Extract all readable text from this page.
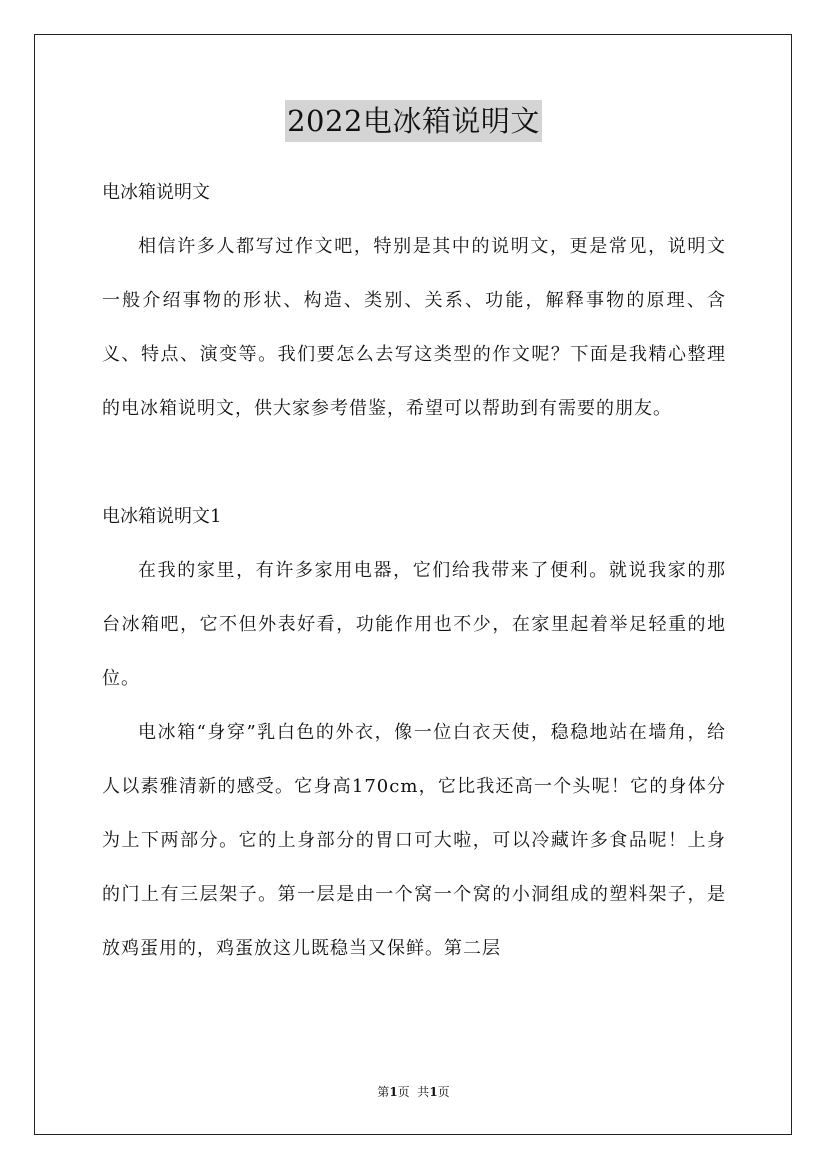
2022电冰箱说明文

电冰箱说明文

相信许多人都写过作文吧，特别是其中的说明文，更是常见，说明文一般介绍事物的形状、构造、类别、关系、功能，解释事物的原理、含义、特点、演变等。我们要怎么去写这类型的作文呢？下面是我精心整理的电冰箱说明文，供大家参考借鉴，希望可以帮助到有需要的朋友。

电冰箱说明文1

在我的家里，有许多家用电器，它们给我带来了便利。就说我家的那台冰箱吧，它不但外表好看，功能作用也不少，在家里起着举足轻重的地位。

电冰箱“身穿”乳白色的外衣，像一位白衣天使，稳稳地站在墙角，给人以素雅清新的感受。它身高170cm，它比我还高一个头呢！它的身体分为上下两部分。它的上身部分的胃口可大啦，可以冷藏许多食品呢！上身的门上有三层架子。第一层是由一个窝一个窝的小洞组成的塑料架子，是放鸡蛋用的，鸡蛋放这儿既稳当又保鲜。第二层

第1页  共1页
